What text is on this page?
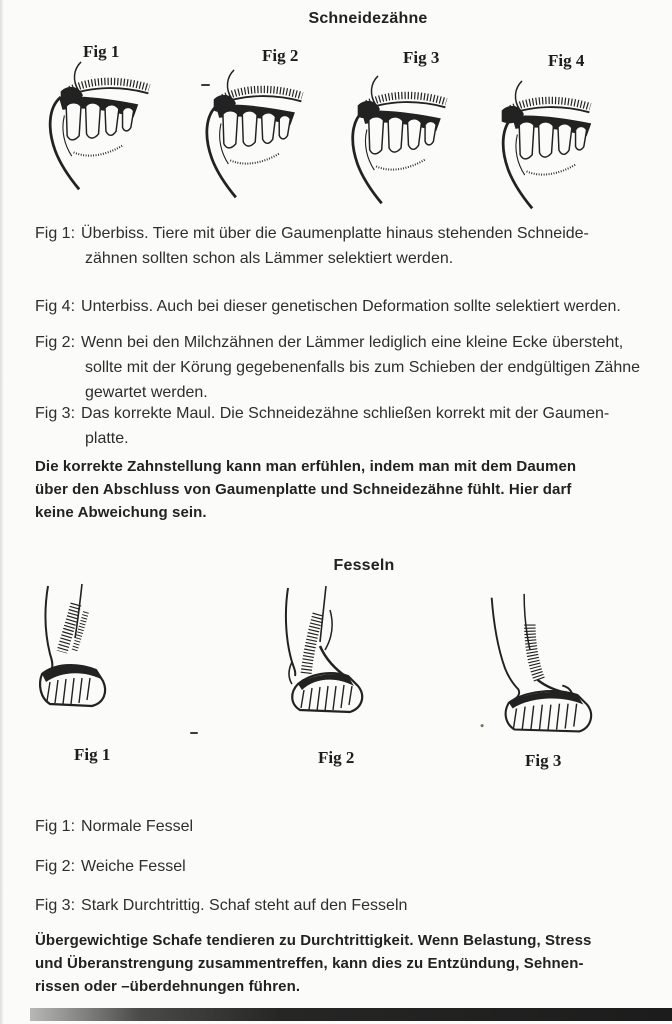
Schneidezähne
Fig 1	Fig 2	Fig 3	Fig 4
Fig 1: Überbiss. Tiere mit über die Gaumenplatte hinaus stehenden Schneide-
zähnen sollten schon als Lämmer selektiert werden.
Fig 4: Unterbiss. Auch bei dieser genetischen Deformation sollte selektiert werden.
Fig 2: Wenn bei den Milchzähnen der Lämmer lediglich eine kleine Ecke übersteht,
sollte mit der Körung gegebenenfalls bis zum Schieben der endgültigen Zähne
gewartet werden.
Fig 3: Das korrekte Maul. Die Schneidezähne schließen korrekt mit der Gaumen-
platte.
Die korrekte Zahnstellung kann man erfühlen, indem man mit dem Daumen
über den Abschluss von Gaumenplatte und Schneidezähne fühlt. Hier darf
keine Abweichung sein.
Fesseln
Fig 1	Fig 2	Fig 3
Fig 1: Normale Fessel
Fig 2: Weiche Fessel
Fig 3: Stark Durchtrittig. Schaf steht auf den Fesseln
Übergewichtige Schafe tendieren zu Durchtrittigkeit. Wenn Belastung, Stress
und Überanstrengung zusammentreffen, kann dies zu Entzündung, Sehnen-
rissen oder –überdehnungen führen.
